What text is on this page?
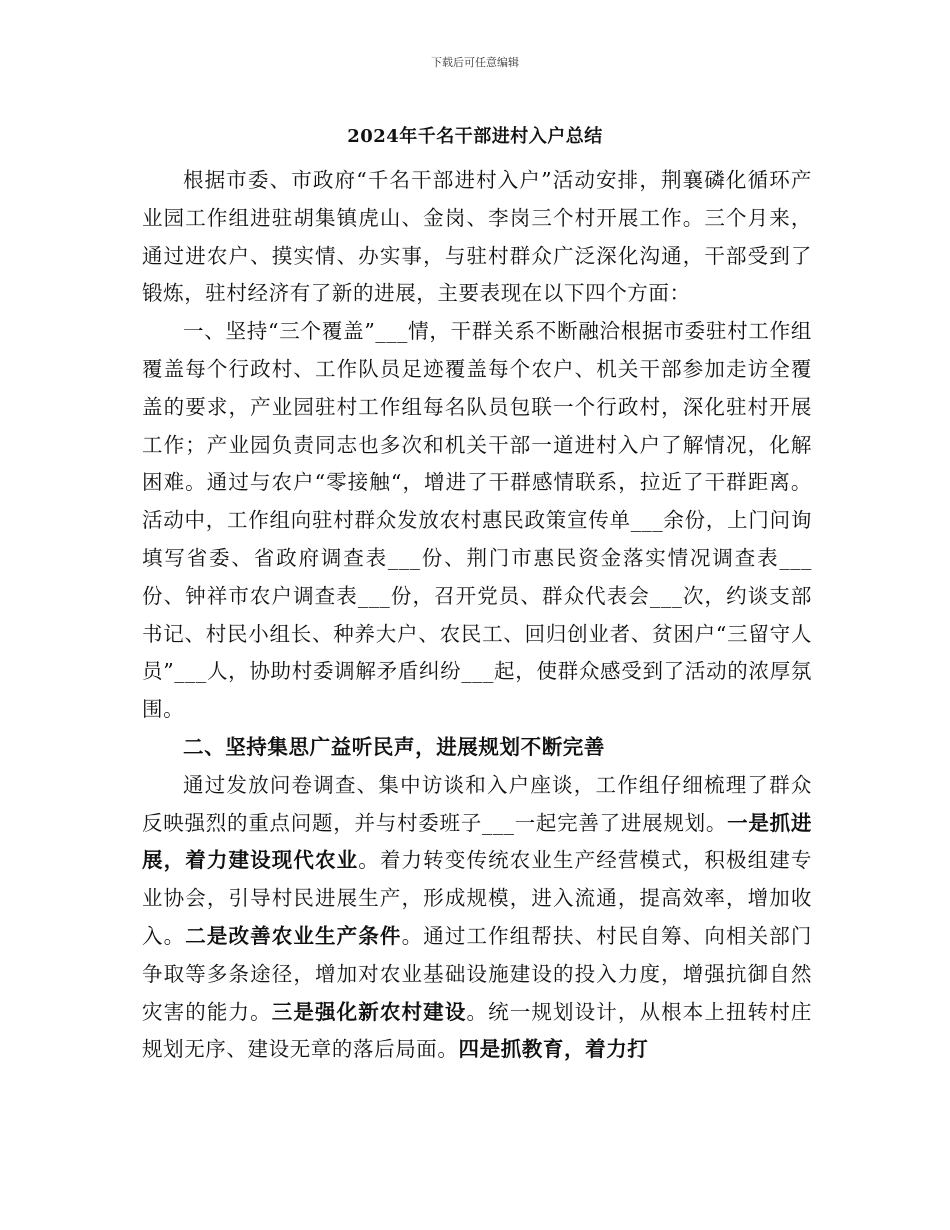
下载后可任意编辑
2024年千名干部进村入户总结

根据市委、市政府“千名干部进村入户”活动安排，荆襄磷化循环产业园工作组进驻胡集镇虎山、金岗、李岗三个村开展工作。三个月来，通过进农户、摸实情、办实事，与驻村群众广泛深化沟通，干部受到了锻炼，驻村经济有了新的进展，主要表现在以下四个方面：

一、坚持“三个覆盖”___情，干群关系不断融洽根据市委驻村工作组覆盖每个行政村、工作队员足迹覆盖每个农户、机关干部参加走访全覆盖的要求，产业园驻村工作组每名队员包联一个行政村，深化驻村开展工作；产业园负责同志也多次和机关干部一道进村入户了解情况，化解困难。通过与农户“零接触“，增进了干群感情联系，拉近了干群距离。活动中，工作组向驻村群众发放农村惠民政策宣传单___余份，上门问询填写省委、省政府调查表___份、荆门市惠民资金落实情况调查表___份、钟祥市农户调查表___份，召开党员、群众代表会___次，约谈支部书记、村民小组长、种养大户、农民工、回归创业者、贫困户“三留守人员”___人，协助村委调解矛盾纠纷___起，使群众感受到了活动的浓厚氛围。

二、坚持集思广益听民声，进展规划不断完善

通过发放问卷调查、集中访谈和入户座谈，工作组仔细梳理了群众反映强烈的重点问题，并与村委班子___一起完善了进展规划。一是抓进展，着力建设现代农业。着力转变传统农业生产经营模式，积极组建专业协会，引导村民进展生产，形成规模，进入流通，提高效率，增加收入。二是改善农业生产条件。通过工作组帮扶、村民自筹、向相关部门争取等多条途径，增加对农业基础设施建设的投入力度，增强抗御自然灾害的能力。三是强化新农村建设。统一规划设计，从根本上扭转村庄规划无序、建设无章的落后局面。四是抓教育，着力打
